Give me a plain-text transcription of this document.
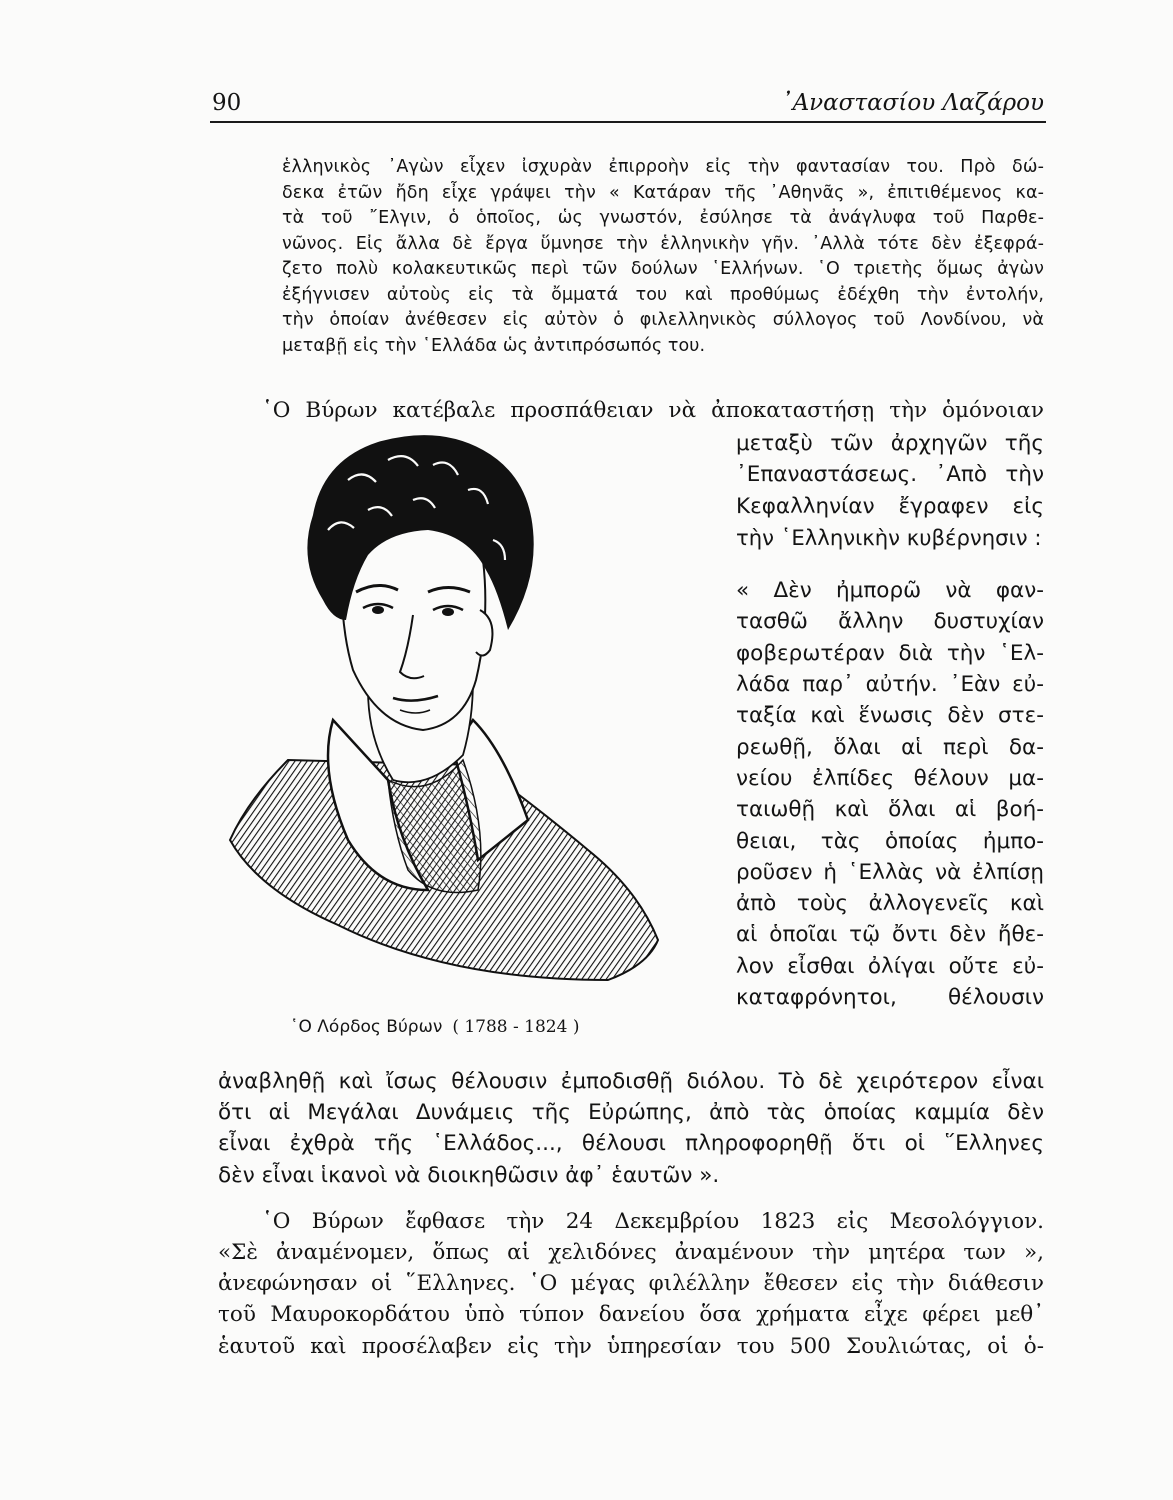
90	᾿Αναστασίου Λαζάρου
ἑλληνικὸς ᾿Αγὼν εἶχεν ἰσχυρὰν ἐπιρροὴν εἰς τὴν φαντασίαν του. Πρὸ δώ-
δεκα ἐτῶν ἤδη εἶχε γράψει τὴν « Κατάραν τῆς ᾿Αθηνᾶς », ἐπιτιθέμενος κα-
τὰ τοῦ ῎Ελγιν, ὁ ὁποῖος, ὡς γνωστόν, ἐσύλησε τὰ ἀνάγλυφα τοῦ Παρθε-
νῶνος. Εἰς ἄλλα δὲ ἔργα ὕμνησε τὴν ἑλληνικὴν γῆν. ᾿Αλλὰ τότε δὲν ἐξεφρά-
ζετο πολὺ κολακευτικῶς περὶ τῶν δούλων ῾Ελλήνων. ῾Ο τριετὴς ὅμως ἀγὼν
ἐξήγνισεν αὐτοὺς εἰς τὰ ὄμματά του καὶ προθύμως ἐδέχθη τὴν ἐντολήν,
τὴν ὁποίαν ἀνέθεσεν εἰς αὐτὸν ὁ φιλελληνικὸς σύλλογος τοῦ Λονδίνου, νὰ
μεταβῇ εἰς τὴν ῾Ελλάδα ὡς ἀντιπρόσωπός του.
῾Ο Βύρων κατέβαλε προσπάθειαν νὰ ἀποκαταστήσῃ τὴν ὁμόνοιαν
μεταξὺ τῶν ἀρχηγῶν τῆς
᾿Επαναστάσεως. ᾿Απὸ τὴν
Κεφαλληνίαν ἔγραφεν εἰς
τὴν ῾Ελληνικὴν κυβέρνησιν :
« Δὲν ἠμπορῶ νὰ φαν-
τασθῶ ἄλλην δυστυχίαν
φοβερωτέραν διὰ τὴν ῾Ελ-
λάδα παρ᾿ αὐτήν. ᾿Εὰν εὐ-
ταξία καὶ ἕνωσις δὲν στε-
ρεωθῇ, ὅλαι αἱ περὶ δα-
νείου ἐλπίδες θέλουν μα-
ταιωθῇ καὶ ὅλαι αἱ βοή-
θειαι, τὰς ὁποίας ἠμπο-
ροῦσεν ἡ ῾Ελλὰς νὰ ἐλπίσῃ
ἀπὸ τοὺς ἀλλογενεῖς καὶ
αἱ ὁποῖαι τῷ ὄντι δὲν ἤθε-
λον εἶσθαι ὀλίγαι οὔτε εὐ-
καταφρόνητοι, θέλουσιν
῾Ο Λόρδος Βύρων ( 1788 - 1824 )
ἀναβληθῇ καὶ ἴσως θέλουσιν ἐμποδισθῇ διόλου. Τὸ δὲ χειρότερον εἶναι
ὅτι αἱ Μεγάλαι Δυνάμεις τῆς Εὐρώπης, ἀπὸ τὰς ὁποίας καμμία δὲν
εἶναι ἐχθρὰ τῆς ῾Ελλάδος..., θέλουσι πληροφορηθῇ ὅτι οἱ ῞Ελληνες
δὲν εἶναι ἱκανοὶ νὰ διοικηθῶσιν ἀφ᾿ ἑαυτῶν ».
῾Ο Βύρων ἔφθασε τὴν 24 Δεκεμβρίου 1823 εἰς Μεσολόγγιον.
«Σὲ ἀναμένομεν, ὅπως αἱ χελιδόνες ἀναμένουν τὴν μητέρα των »,
ἀνεφώνησαν οἱ ῞Ελληνες. ῾Ο μέγας φιλέλλην ἔθεσεν εἰς τὴν διάθεσιν
τοῦ Μαυροκορδάτου ὑπὸ τύπον δανείου ὅσα χρήματα εἶχε φέρει μεθ᾿
ἑαυτοῦ καὶ προσέλαβεν εἰς τὴν ὑπηρεσίαν του 500 Σουλιώτας, οἱ ὁ-
